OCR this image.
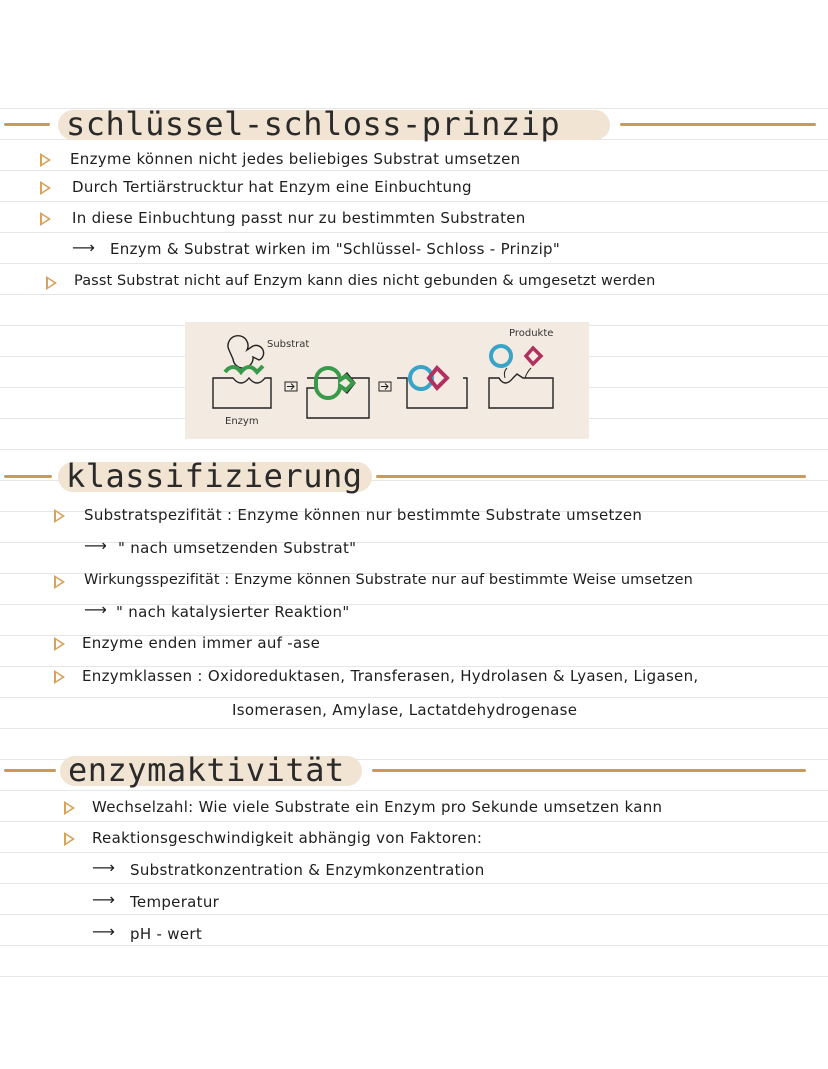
schlüssel-schloss-prinzip
Enzyme können nicht jedes beliebiges Substrat umsetzen
Durch Tertiärstrucktur hat Enzym eine Einbuchtung
In diese Einbuchtung passt nur zu bestimmten Substraten
⟶ Enzym & Substrat wirken im "Schlüssel- Schloss - Prinzip"
Passt Substrat nicht auf Enzym kann dies nicht gebunden & umgesetzt werden
Substrat
Enzym
Produkte
klassifizierung
Substratspezifität : Enzyme können nur bestimmte Substrate umsetzen
⟶ " nach umsetzenden Substrat"
Wirkungsspezifität : Enzyme können Substrate nur auf bestimmte Weise umsetzen
⟶ " nach katalysierter Reaktion"
Enzyme enden immer auf -ase
Enzymklassen : Oxidoreduktasen, Transferasen, Hydrolasen & Lyasen, Ligasen,
Isomerasen, Amylase, Lactatdehydrogenase
enzymaktivität
Wechselzahl: Wie viele Substrate ein Enzym pro Sekunde umsetzen kann
Reaktionsgeschwindigkeit abhängig von Faktoren:
⟶ Substratkonzentration & Enzymkonzentration
⟶ Temperatur
⟶ pH - wert
